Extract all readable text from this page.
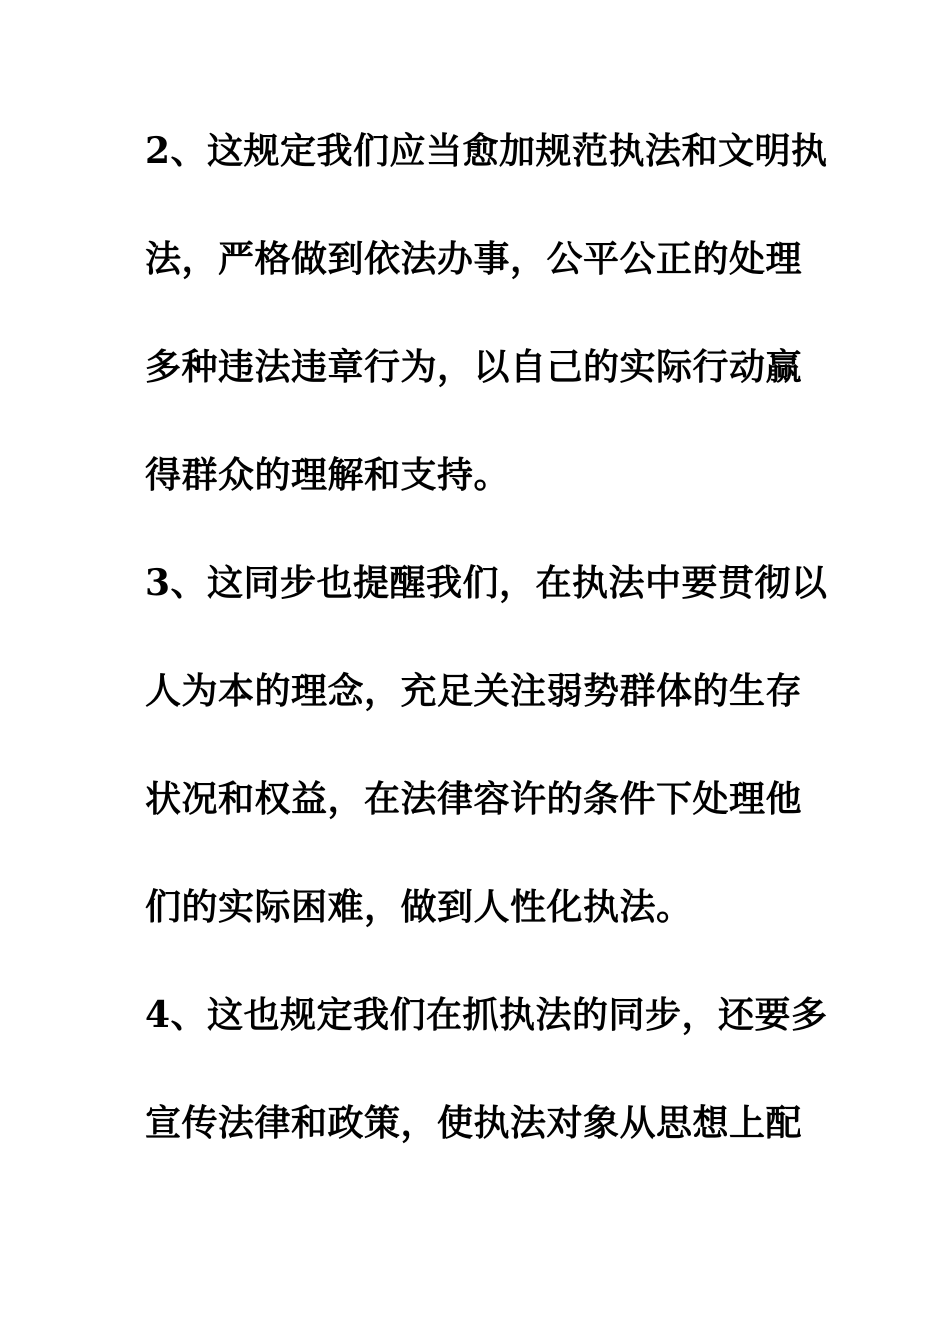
2、这规定我们应当愈加规范执法和文明执
法，严格做到依法办事，公平公正的处理
多种违法违章行为，以自己的实际行动赢
得群众的理解和支持。
3、这同步也提醒我们，在执法中要贯彻以
人为本的理念，充足关注弱势群体的生存
状况和权益，在法律容许的条件下处理他
们的实际困难，做到人性化执法。
4、这也规定我们在抓执法的同步，还要多
宣传法律和政策，使执法对象从思想上配
